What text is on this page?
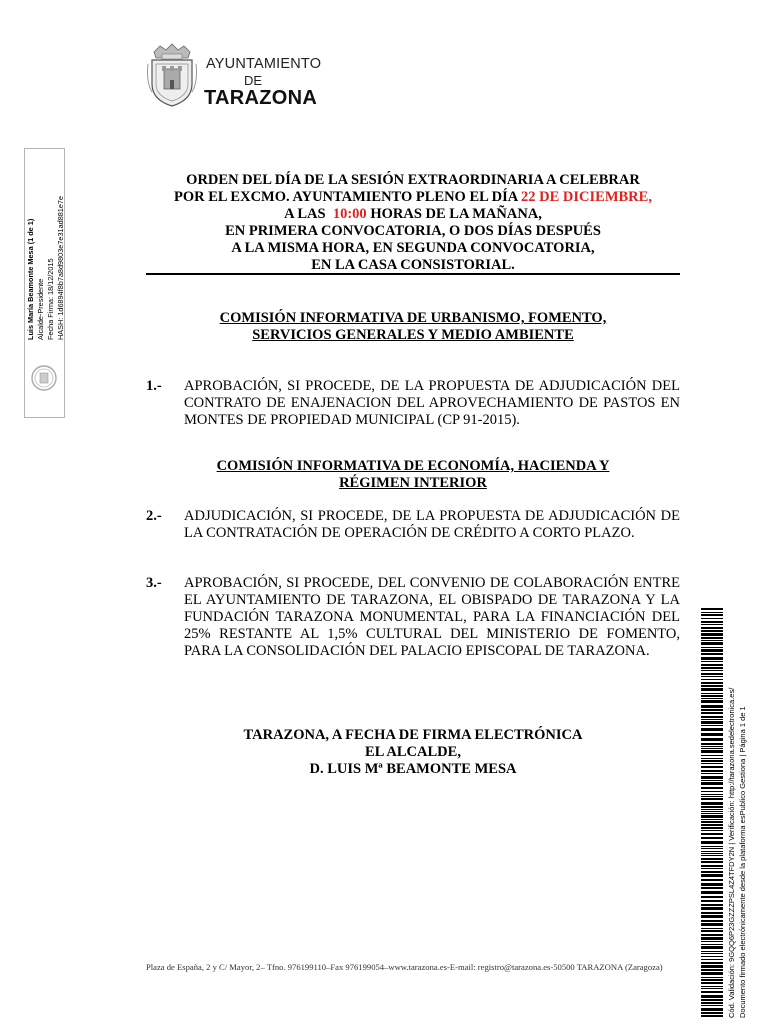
AYUNTAMIENTO
DE
TARAZONA
Luis María Beamonte Mesa (1 de 1) Alcalde-Presidente Fecha Firma: 18/12/2015 HASH: 1d6894f8b7a8d9803e7e31ad881e7e
ORDEN DEL DÍA DE LA SESIÓN EXTRAORDINARIA A CELEBRAR
POR EL EXCMO. AYUNTAMIENTO PLENO EL DÍA 22 DE DICIEMBRE,
A LAS  10:00 HORAS DE LA MAÑANA,
EN PRIMERA CONVOCATORIA, O DOS DÍAS DESPUÉS
A LA MISMA HORA, EN SEGUNDA CONVOCATORIA,
EN LA CASA CONSISTORIAL.
COMISIÓN INFORMATIVA DE URBANISMO, FOMENTO,
SERVICIOS GENERALES Y MEDIO AMBIENTE
1.- APROBACIÓN, SI PROCEDE, DE LA PROPUESTA DE ADJUDICACIÓN DEL CONTRATO DE ENAJENACION DEL APROVECHAMIENTO DE PASTOS EN MONTES DE PROPIEDAD MUNICIPAL (CP 91-2015).
COMISIÓN INFORMATIVA DE ECONOMÍA, HACIENDA Y
RÉGIMEN INTERIOR
2.- ADJUDICACIÓN, SI PROCEDE, DE LA PROPUESTA DE ADJUDICACIÓN DE LA CONTRATACIÓN DE OPERACIÓN DE CRÉDITO A CORTO PLAZO.
3.- APROBACIÓN, SI PROCEDE, DEL CONVENIO DE COLABORACIÓN ENTRE EL AYUNTAMIENTO DE TARAZONA, EL OBISPADO DE TARAZONA Y LA FUNDACIÓN TARAZONA MONUMENTAL, PARA LA FINANCIACIÓN DEL 25% RESTANTE AL 1,5% CULTURAL DEL MINISTERIO DE FOMENTO, PARA LA CONSOLIDACIÓN DEL PALACIO EPISCOPAL DE TARAZONA.
TARAZONA, A FECHA DE FIRMA ELECTRÓNICA
EL ALCALDE,
D. LUIS Mª BEAMONTE MESA
Plaza de España, 2 y C/ Mayor, 2– Tfno. 976199110–Fax 976199054–www.tarazona.es-E-mail: registro@tarazona.es-50500 TARAZONA (Zaragoza)	Cód. Validación: 9GQQ6P23GZZZPSL4Z4TFDY2N | Verificación: http://tarazona.sedelectronica.es/ Documento firmado electrónicamente desde la plataforma esPublico Gestiona | Página 1 de 1
